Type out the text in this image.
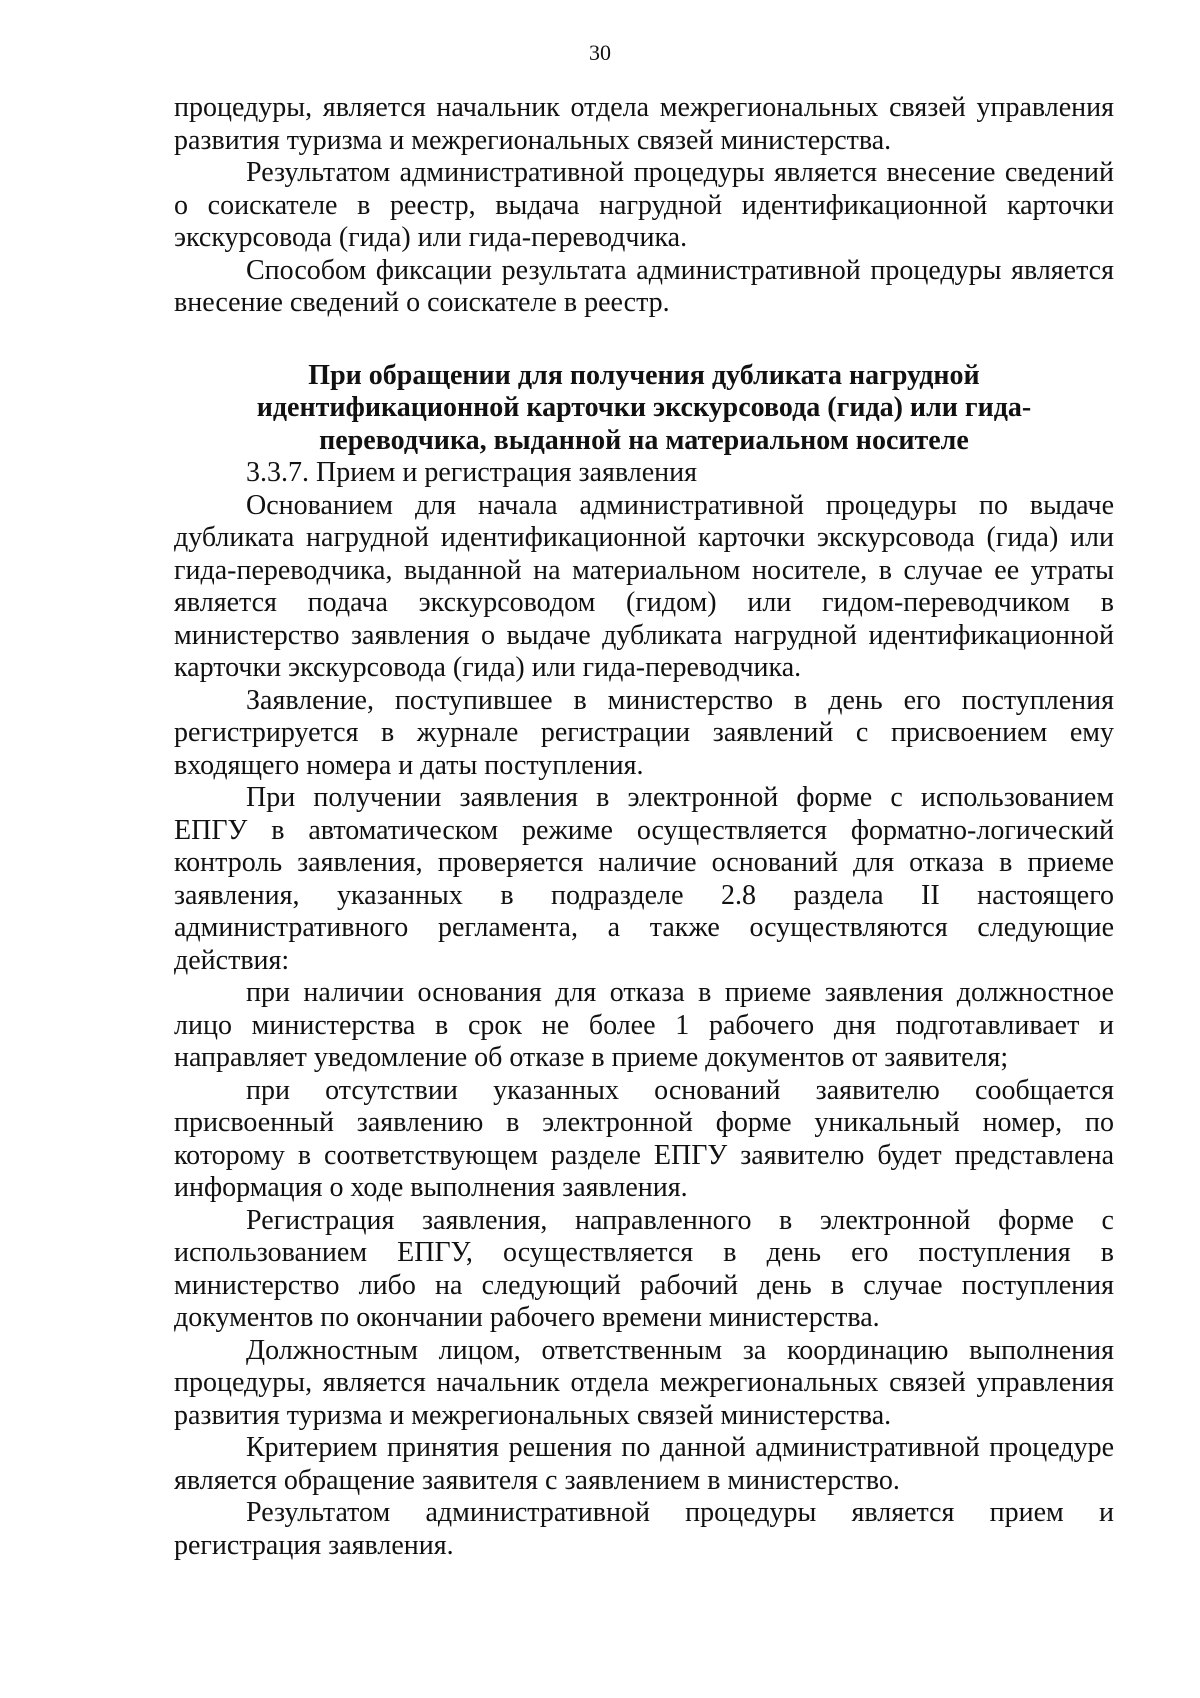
30

процедуры, является начальник отдела межрегиональных связей управления развития туризма и межрегиональных связей министерства.

Результатом административной процедуры является внесение сведений о соискателе в реестр, выдача нагрудной идентификационной карточки экскурсовода (гида) или гида-переводчика.

Способом фиксации результата административной процедуры является внесение сведений о соискателе в реестр.

При обращении для получения дубликата нагрудной идентификационной карточки экскурсовода (гида) или гида-переводчика, выданной на материальном носителе

3.3.7. Прием и регистрация заявления

Основанием для начала административной процедуры по выдаче дубликата нагрудной идентификационной карточки экскурсовода (гида) или гида-переводчика, выданной на материальном носителе, в случае ее утраты является подача экскурсоводом (гидом) или гидом-переводчиком в министерство заявления о выдаче дубликата нагрудной идентификационной карточки экскурсовода (гида) или гида-переводчика.

Заявление, поступившее в министерство в день его поступления регистрируется в журнале регистрации заявлений с присвоением ему входящего номера и даты поступления.

При получении заявления в электронной форме с использованием ЕПГУ в автоматическом режиме осуществляется форматно-логический контроль заявления, проверяется наличие оснований для отказа в приеме заявления, указанных в подразделе 2.8 раздела II настоящего административного регламента, а также осуществляются следующие действия:

при наличии основания для отказа в приеме заявления должностное лицо министерства в срок не более 1 рабочего дня подготавливает и направляет уведомление об отказе в приеме документов от заявителя;

при отсутствии указанных оснований заявителю сообщается присвоенный заявлению в электронной форме уникальный номер, по которому в соответствующем разделе ЕПГУ заявителю будет представлена информация о ходе выполнения заявления.

Регистрация заявления, направленного в электронной форме с использованием ЕПГУ, осуществляется в день его поступления в министерство либо на следующий рабочий день в случае поступления документов по окончании рабочего времени министерства.

Должностным лицом, ответственным за координацию выполнения процедуры, является начальник отдела межрегиональных связей управления развития туризма и межрегиональных связей министерства.

Критерием принятия решения по данной административной процедуре является обращение заявителя с заявлением в министерство.

Результатом административной процедуры является прием и регистрация заявления.
